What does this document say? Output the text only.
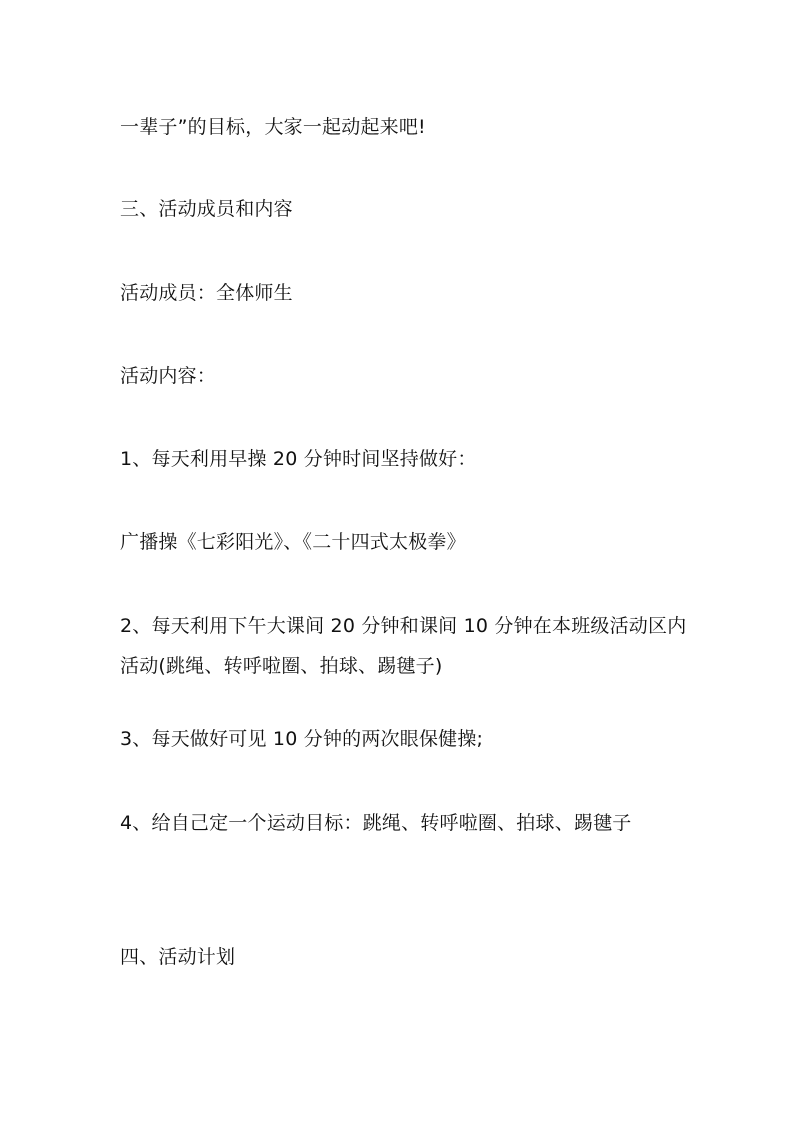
一辈子”的目标，大家一起动起来吧!
三、活动成员和内容
活动成员：全体师生
活动内容：
1、每天利用早操 20 分钟时间坚持做好：
广播操《七彩阳光》、《二十四式太极拳》
2、每天利用下午大课间 20 分钟和课间 10 分钟在本班级活动区内活动(跳绳、转呼啦圈、拍球、踢毽子)
3、每天做好可见 10 分钟的两次眼保健操;
4、给自己定一个运动目标：跳绳、转呼啦圈、拍球、踢毽子
四、活动计划
